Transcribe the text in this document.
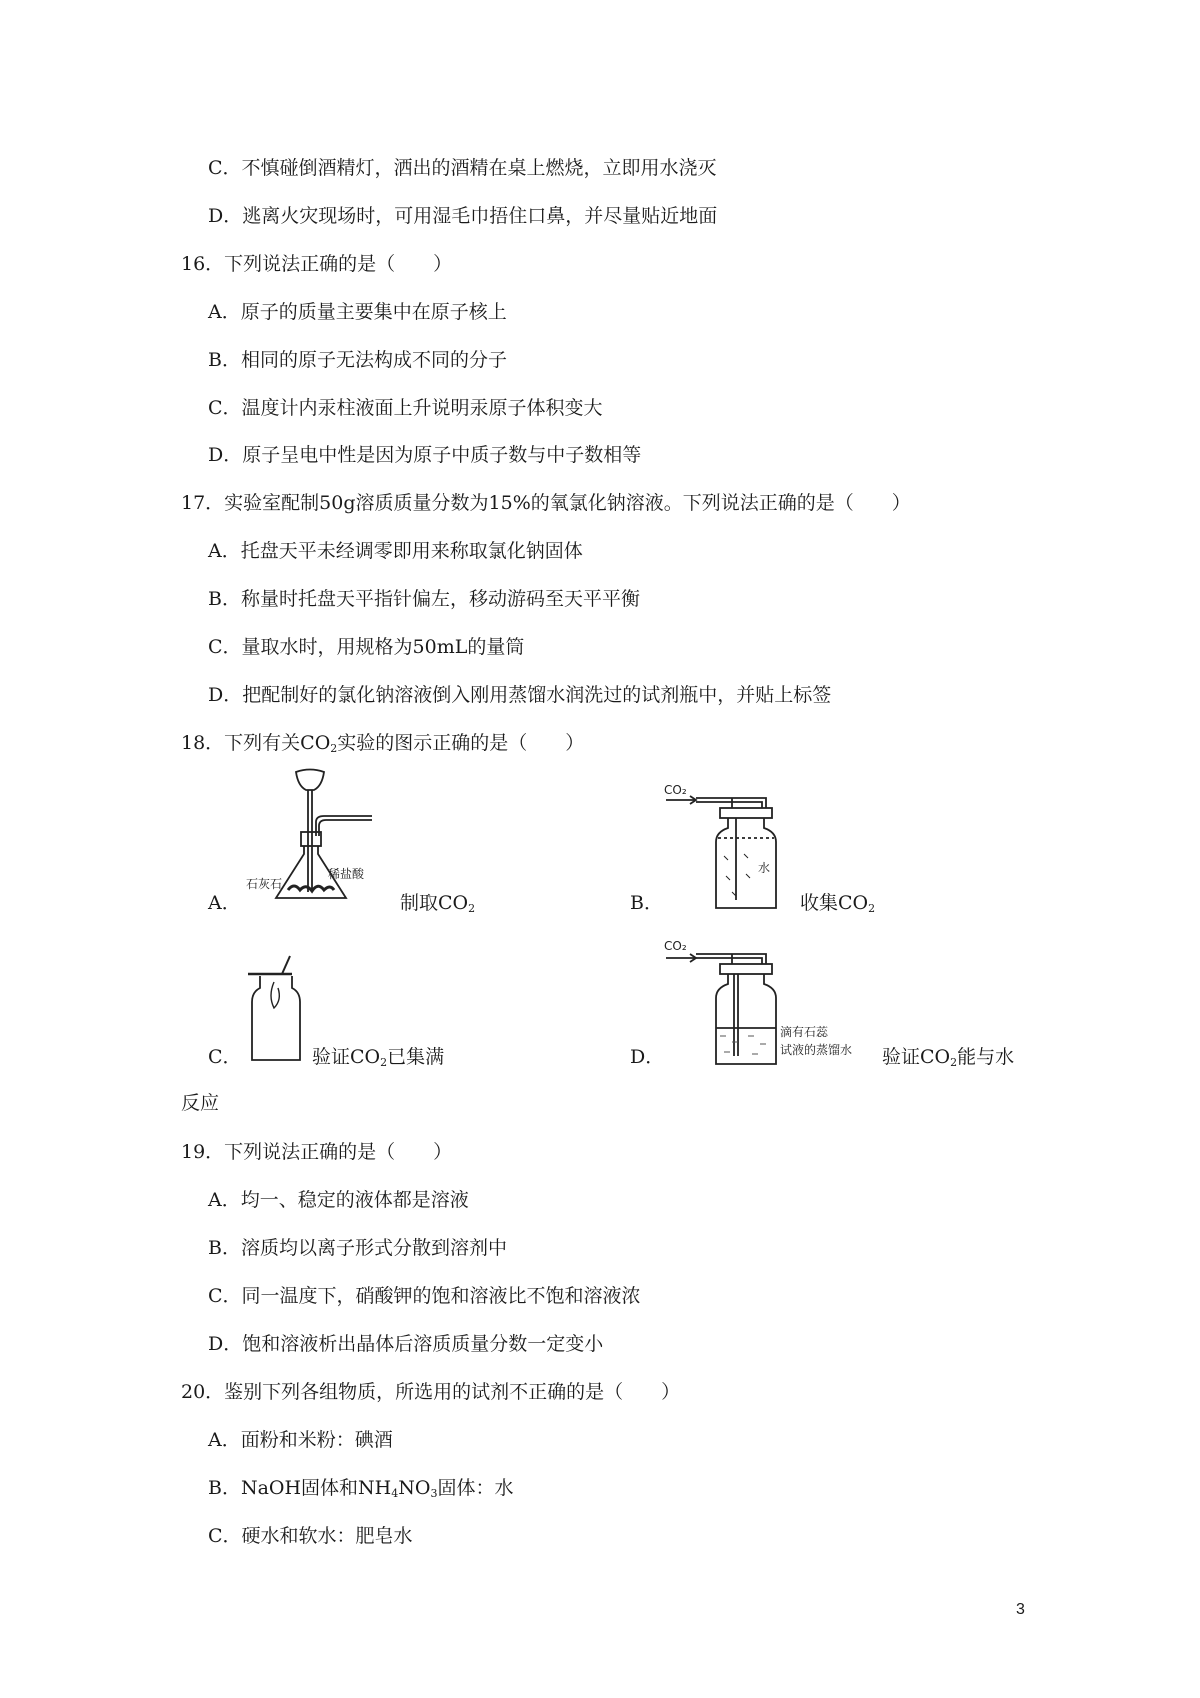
C．不慎碰倒酒精灯，洒出的酒精在桌上燃烧，立即用水浇灭
D．逃离火灾现场时，可用湿毛巾捂住口鼻，并尽量贴近地面
16．下列说法正确的是（　　）
A．原子的质量主要集中在原子核上
B．相同的原子无法构成不同的分子
C．温度计内汞柱液面上升说明汞原子体积变大
D．原子呈电中性是因为原子中质子数与中子数相等
17．实验室配制50g溶质质量分数为15%的氧氯化钠溶液。下列说法正确的是（　　）
A．托盘天平未经调零即用来称取氯化钠固体
B．称量时托盘天平指针偏左，移动游码至天平平衡
C．量取水时，用规格为50mL的量筒
D．把配制好的氯化钠溶液倒入刚用蒸馏水润洗过的试剂瓶中，并贴上标签
18．下列有关$CO_2$实验的图示正确的是（　　）
A．
石灰石
稀盐酸
制取$CO_2$	B．
CO₂
水
收集$CO_2$
C．	验证$CO_2$已集满	D．
CO₂
滴有石蕊
试液的蒸馏水 验证$CO_2$能与水
反应
19．下列说法正确的是（　　）
A．均一、稳定的液体都是溶液
B．溶质均以离子形式分散到溶剂中
C．同一温度下，硝酸钾的饱和溶液比不饱和溶液浓
D．饱和溶液析出晶体后溶质质量分数一定变小
20．鉴别下列各组物质，所选用的试剂不正确的是（　　）
A．面粉和米粉：碘酒
B．NaOH固体和$NH_4NO_3$固体：水
C．硬水和软水：肥皂水
3
